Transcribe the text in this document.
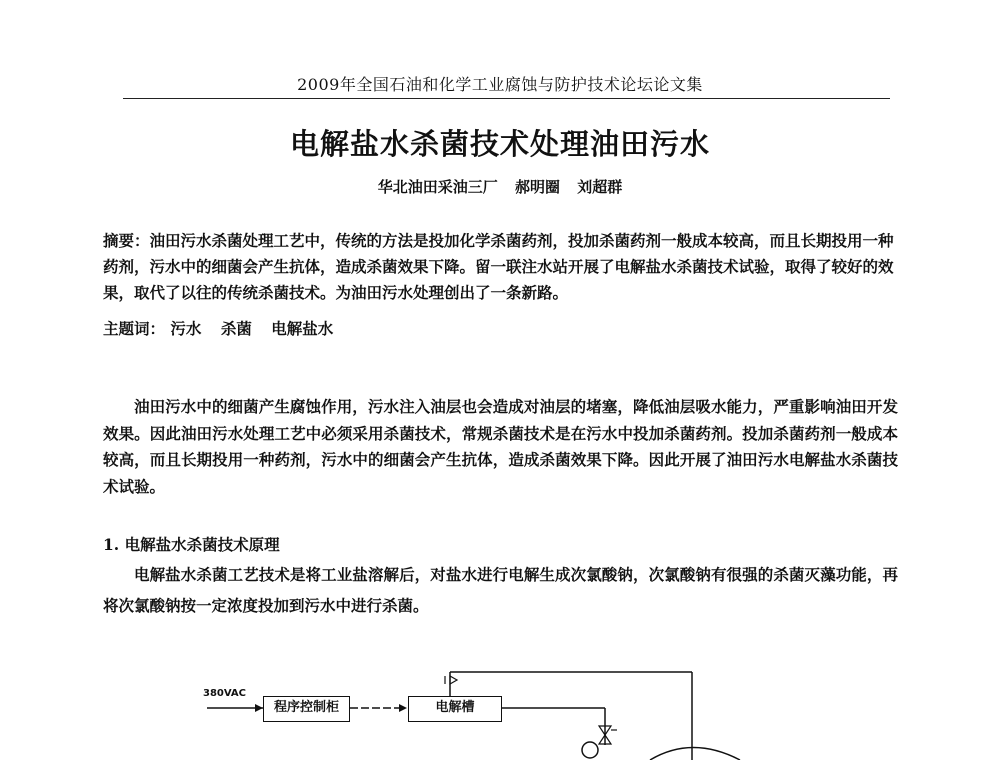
2009年全国石油和化学工业腐蚀与防护技术论坛论文集
电解盐水杀菌技术处理油田污水
华北油田采油三厂 郝明圈 刘超群
摘要：油田污水杀菌处理工艺中，传统的方法是投加化学杀菌药剂，投加杀菌药剂一般成本较高，而且长期投用一种药剂，污水中的细菌会产生抗体，造成杀菌效果下降。留一联注水站开展了电解盐水杀菌技术试验，取得了较好的效果，取代了以往的传统杀菌技术。为油田污水处理创出了一条新路。
主题词： 污水 杀菌 电解盐水
油田污水中的细菌产生腐蚀作用，污水注入油层也会造成对油层的堵塞，降低油层吸水能力，严重影响油田开发效果。因此油田污水处理工艺中必须采用杀菌技术，常规杀菌技术是在污水中投加杀菌药剂。投加杀菌药剂一般成本较高，而且长期投用一种药剂，污水中的细菌会产生抗体，造成杀菌效果下降。因此开展了油田污水电解盐水杀菌技术试验。
1. 电解盐水杀菌技术原理
电解盐水杀菌工艺技术是将工业盐溶解后，对盐水进行电解生成次氯酸钠，次氯酸钠有很强的杀菌灭藻功能，再将次氯酸钠按一定浓度投加到污水中进行杀菌。
380VAC
程序控制柜	电解槽
